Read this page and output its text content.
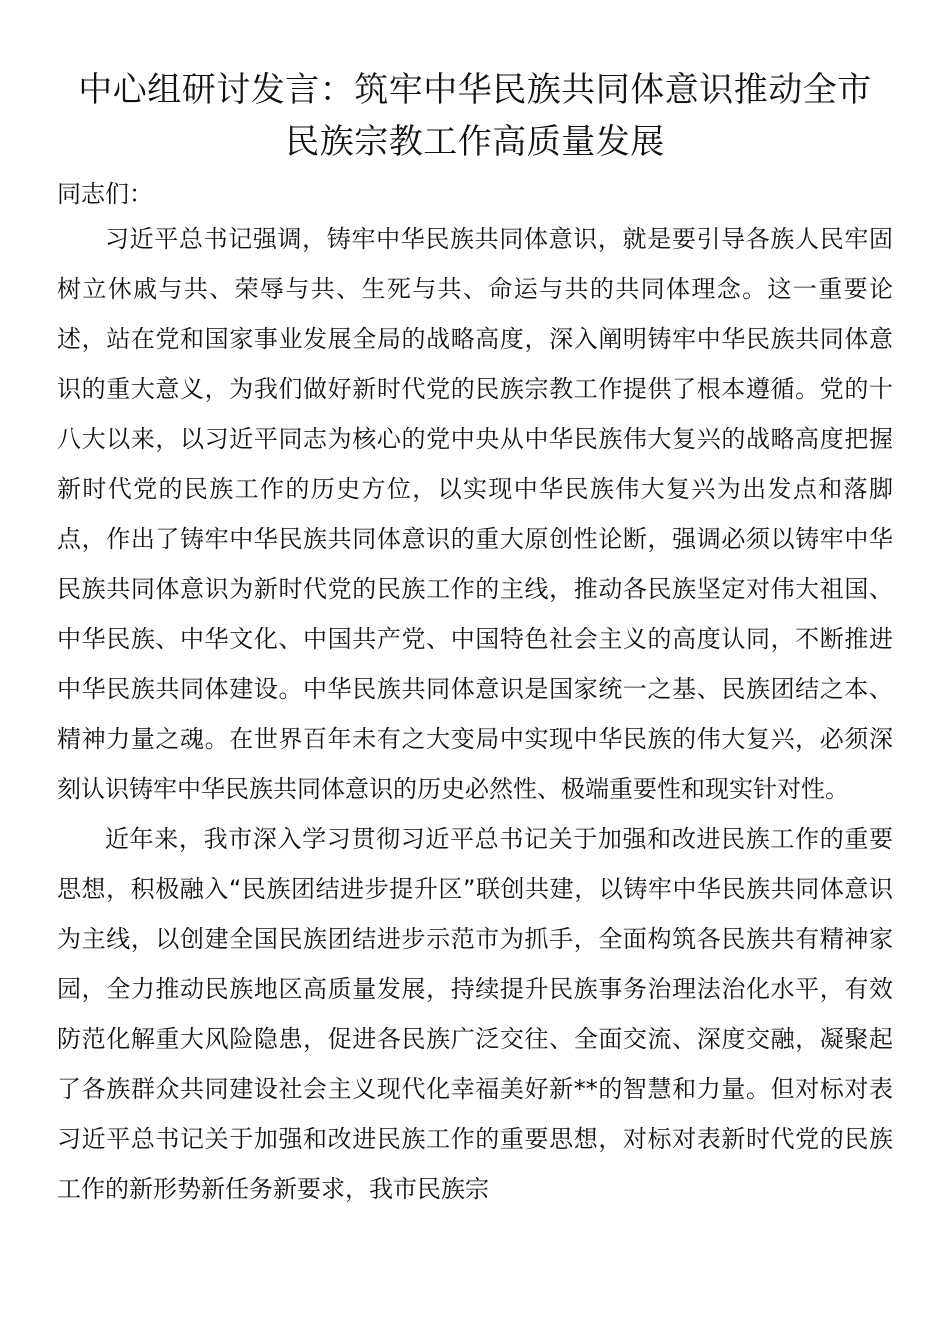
中心组研讨发言：筑牢中华民族共同体意识推动全市
民族宗教工作高质量发展

同志们：

习近平总书记强调，铸牢中华民族共同体意识，就是要引导各族人民牢固树立休戚与共、荣辱与共、生死与共、命运与共的共同体理念。这一重要论述，站在党和国家事业发展全局的战略高度，深入阐明铸牢中华民族共同体意识的重大意义，为我们做好新时代党的民族宗教工作提供了根本遵循。党的十八大以来，以习近平同志为核心的党中央从中华民族伟大复兴的战略高度把握新时代党的民族工作的历史方位，以实现中华民族伟大复兴为出发点和落脚点，作出了铸牢中华民族共同体意识的重大原创性论断，强调必须以铸牢中华民族共同体意识为新时代党的民族工作的主线，推动各民族坚定对伟大祖国、中华民族、中华文化、中国共产党、中国特色社会主义的高度认同，不断推进中华民族共同体建设。中华民族共同体意识是国家统一之基、民族团结之本、精神力量之魂。在世界百年未有之大变局中实现中华民族的伟大复兴，必须深刻认识铸牢中华民族共同体意识的历史必然性、极端重要性和现实针对性。

近年来，我市深入学习贯彻习近平总书记关于加强和改进民族工作的重要思想，积极融入“民族团结进步提升区”联创共建，以铸牢中华民族共同体意识为主线，以创建全国民族团结进步示范市为抓手，全面构筑各民族共有精神家园，全力推动民族地区高质量发展，持续提升民族事务治理法治化水平，有效防范化解重大风险隐患，促进各民族广泛交往、全面交流、深度交融，凝聚起了各族群众共同建设社会主义现代化幸福美好新**的智慧和力量。但对标对表习近平总书记关于加强和改进民族工作的重要思想，对标对表新时代党的民族工作的新形势新任务新要求，我市民族宗
